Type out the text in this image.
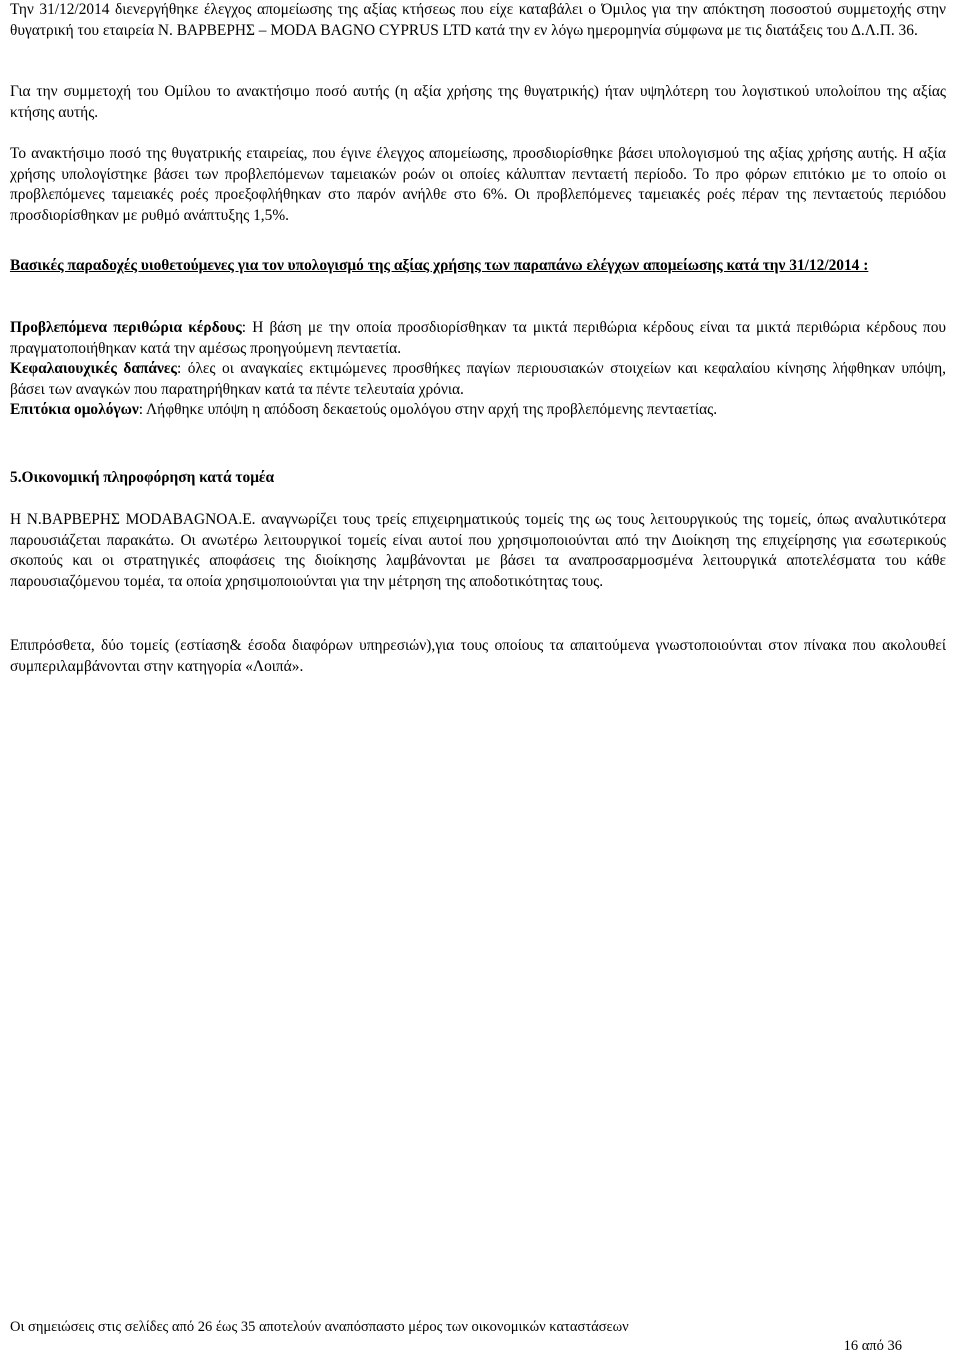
Την 31/12/2014 διενεργήθηκε έλεγχος απομείωσης της αξίας κτήσεως που είχε καταβάλει ο Όμιλος για την απόκτηση ποσοστού συμμετοχής στην θυγατρική του εταιρεία Ν. ΒΑΡΒΕΡΗΣ – MODA BAGNO CYPRUS LTD κατά την εν λόγω ημερομηνία σύμφωνα με τις διατάξεις του Δ.Λ.Π. 36.

Για την συμμετοχή του Ομίλου το ανακτήσιμο ποσό αυτής (η αξία χρήσης της θυγατρικής) ήταν υψηλότερη του λογιστικού υπολοίπου της αξίας κτήσης αυτής.

Το ανακτήσιμο ποσό της θυγατρικής εταιρείας, που έγινε έλεγχος απομείωσης, προσδιορίσθηκε βάσει υπολογισμού της αξίας χρήσης αυτής. Η αξία χρήσης υπολογίστηκε βάσει των προβλεπόμενων ταμειακών ροών οι οποίες κάλυπταν πενταετή περίοδο. Το προ φόρων επιτόκιο με το οποίο οι προβλεπόμενες ταμειακές ροές προεξοφλήθηκαν στο παρόν ανήλθε στο 6%. Οι προβλεπόμενες ταμειακές ροές πέραν της πενταετούς περιόδου προσδιορίσθηκαν με ρυθμό ανάπτυξης 1,5%.

Βασικές παραδοχές υιοθετούμενες για τον υπολογισμό της αξίας χρήσης των παραπάνω ελέγχων απομείωσης κατά την 31/12/2014 :

Προβλεπόμενα περιθώρια κέρδους: Η βάση με την οποία προσδιορίσθηκαν τα μικτά περιθώρια κέρδους είναι τα μικτά περιθώρια κέρδους που πραγματοποιήθηκαν κατά την αμέσως προηγούμενη πενταετία.

Κεφαλαιουχικές δαπάνες: όλες οι αναγκαίες εκτιμώμενες προσθήκες παγίων περιουσιακών στοιχείων και κεφαλαίου κίνησης λήφθηκαν υπόψη, βάσει των αναγκών που παρατηρήθηκαν κατά τα πέντε τελευταία χρόνια.

Επιτόκια ομολόγων: Λήφθηκε υπόψη η απόδοση δεκαετούς ομολόγου στην αρχή της προβλεπόμενης πενταετίας.

5.Οικονομική πληροφόρηση κατά τομέα

Η Ν.ΒΑΡΒΕΡΗΣ MODABAGNOA.E. αναγνωρίζει τους τρείς επιχειρηματικούς τομείς της ως τους λειτουργικούς της τομείς, όπως αναλυτικότερα παρουσιάζεται παρακάτω. Οι ανωτέρω λειτουργικοί τομείς είναι αυτοί που χρησιμοποιούνται από την Διοίκηση της επιχείρησης για εσωτερικούς σκοπούς και οι στρατηγικές αποφάσεις της διοίκησης λαμβάνονται με βάσει τα αναπροσαρμοσμένα λειτουργικά αποτελέσματα του κάθε παρουσιαζόμενου τομέα, τα οποία χρησιμοποιούνται για την μέτρηση της αποδοτικότητας τους.

Επιπρόσθετα, δύο τομείς (εστίαση& έσοδα διαφόρων υπηρεσιών),για τους οποίους τα απαιτούμενα γνωστοποιούνται στον πίνακα που ακολουθεί συμπεριλαμβάνονται στην κατηγορία «Λοιπά».

Οι σημειώσεις στις σελίδες από 26 έως 35 αποτελούν αναπόσπαστο μέρος των οικονομικών καταστάσεων
16 από 36
